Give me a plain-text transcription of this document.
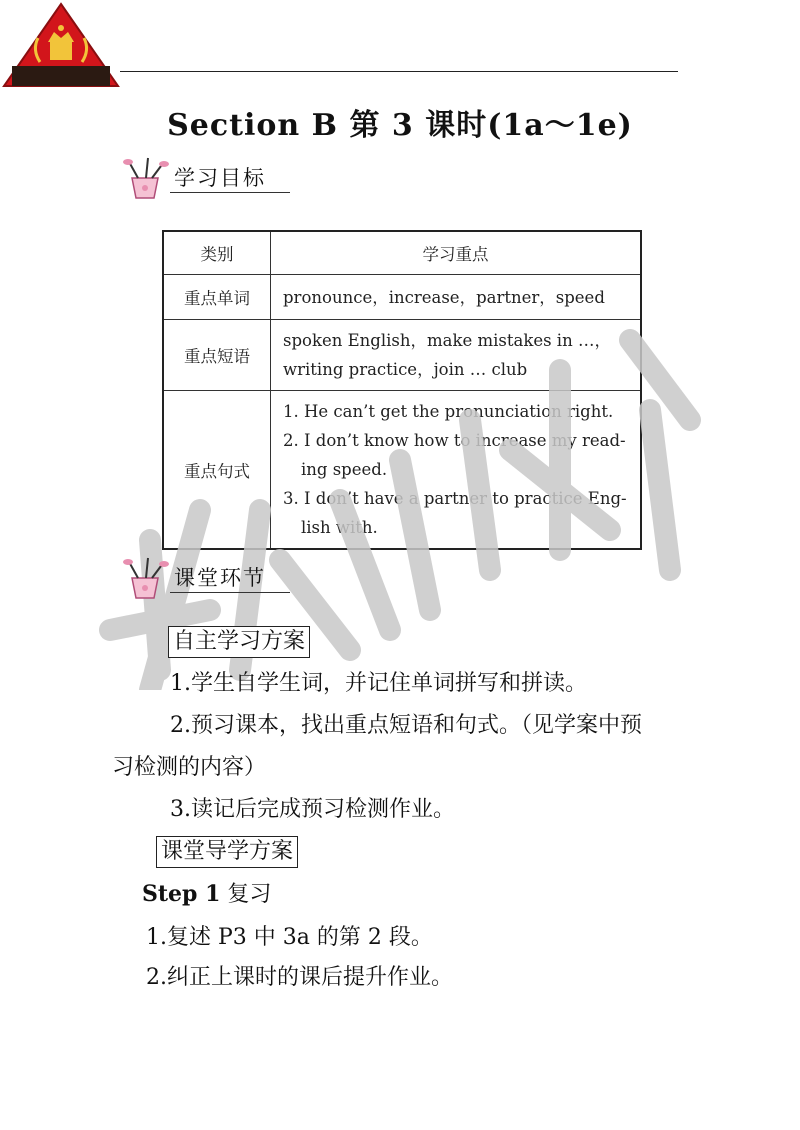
Section B 第 3 课时(1a～1e)
学习目标
类别	学习重点
重点单词	pronounce，increase，partner，speed

重点短语	spoken English，make mistakes in …，
writing practice，join … club

重点句式	1. He can’t get the pronunciation right.
2. I don’t know how to increase my read-
ing speed.
3. I don’t have a partner to practice Eng-
lish with.
课堂环节
自主学习方案
1.学生自学生词，并记住单词拼写和拼读。
2.预习课本，找出重点短语和句式。（见学案中预
习检测的内容）
3.读记后完成预习检测作业。
课堂导学方案
Step 1 复习
1.复述 P3 中 3a 的第 2 段。
2.纠正上课时的课后提升作业。
